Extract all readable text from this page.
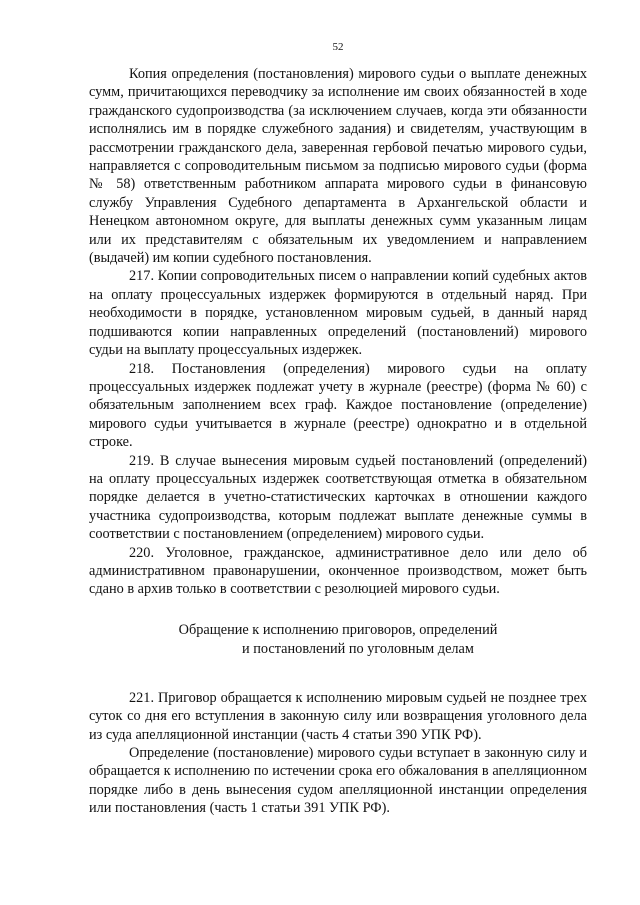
52

Копия определения (постановления) мирового судьи о выплате денежных сумм, причитающихся переводчику за исполнение им своих обязанностей в ходе гражданского судопроизводства (за исключением случаев, когда эти обязанности исполнялись им в порядке служебного задания) и свидетелям, участвующим в рассмотрении гражданского дела, заверенная гербовой печатью мирового судьи, направляется с сопроводительным письмом за подписью мирового судьи (форма № 58) ответственным работником аппарата мирового судьи в финансовую службу Управления Судебного департамента в Архангельской области и Ненецком автономном округе, для выплаты денежных сумм указанным лицам или их представителям с обязательным их уведомлением и направлением (выдачей) им копии судебного постановления.

217. Копии сопроводительных писем о направлении копий судебных актов на оплату процессуальных издержек формируются в отдельный наряд. При необходимости в порядке, установленном мировым судьей, в данный наряд подшиваются копии направленных определений (постановлений) мирового судьи на выплату процессуальных издержек.

218. Постановления (определения) мирового судьи на оплату процессуальных издержек подлежат учету в журнале (реестре) (форма № 60) с обязательным заполнением всех граф. Каждое постановление (определение) мирового судьи учитывается в журнале (реестре) однократно и в отдельной строке.

219. В случае вынесения мировым судьей постановлений (определений) на оплату процессуальных издержек соответствующая отметка в обязательном порядке делается в учетно-статистических карточках в отношении каждого участника судопроизводства, которым подлежат выплате денежные суммы в соответствии с постановлением (определением) мирового судьи.

220. Уголовное, гражданское, административное дело или дело об административном правонарушении, оконченное производством, может быть сдано в архив только в соответствии с резолюцией мирового судьи.

Обращение к исполнению приговоров, определений
и постановлений по уголовным делам

221. Приговор обращается к исполнению мировым судьей не позднее трех суток со дня его вступления в законную силу или возвращения уголовного дела из суда апелляционной инстанции (часть 4 статьи 390 УПК РФ).

Определение (постановление) мирового судьи вступает в законную силу и обращается к исполнению по истечении срока его обжалования в апелляционном порядке либо в день вынесения судом апелляционной инстанции определения или постановления (часть 1 статьи 391 УПК РФ).
